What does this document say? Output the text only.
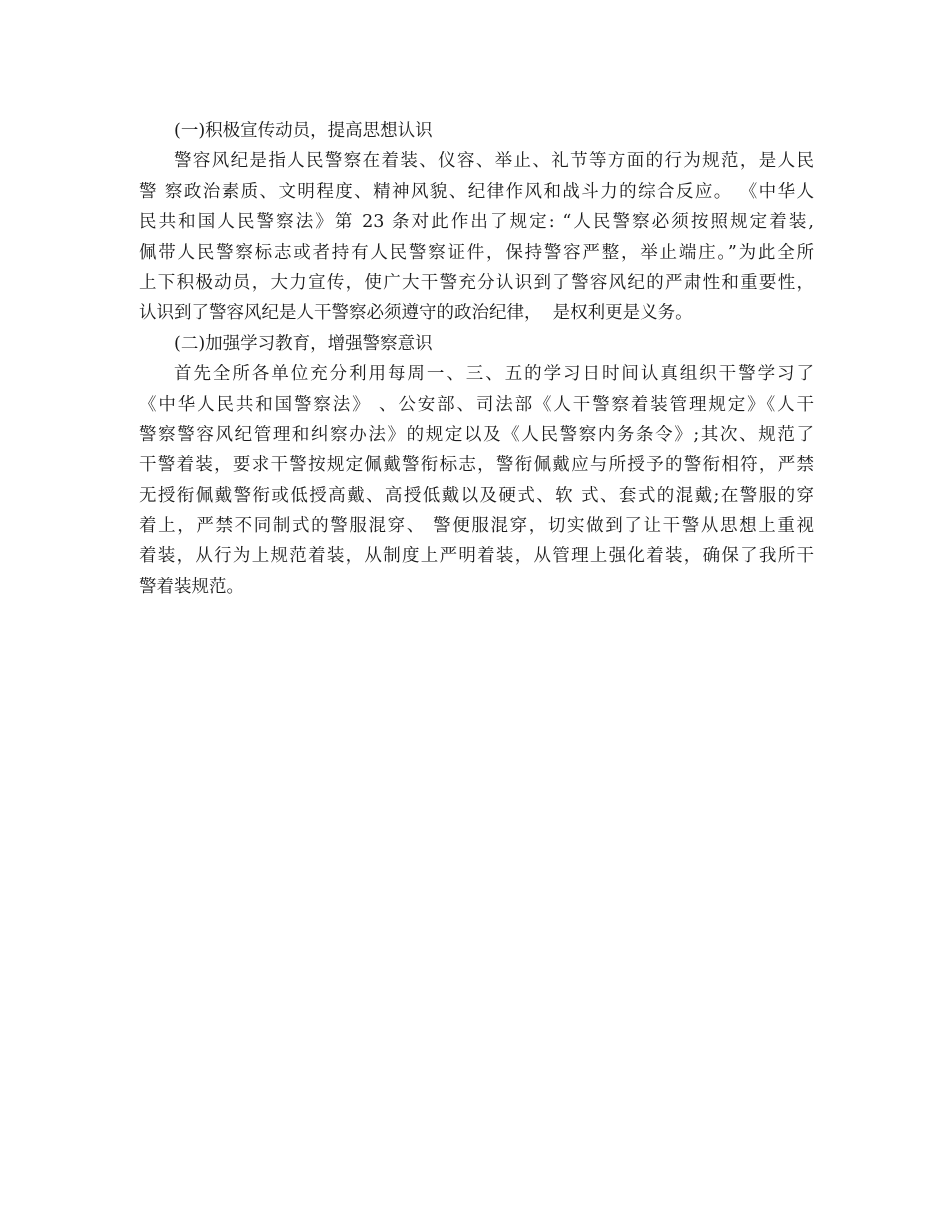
(一)积极宣传动员，提高思想认识
警容风纪是指人民警察在着装、仪容、举止、礼节等方面的行为规范，是人民
警 察政治素质、文明程度、精神风貌、纪律作风和战斗力的综合反应。 《中华人
民共和国人民警察法》第 23 条对此作出了规定: “人民警察必须按照规定着装,
佩带人民警察标志或者持有人民警察证件，保持警容严整，举止端庄。”为此全所
上下积极动员，大力宣传，使广大干警充分认识到了警容风纪的严肃性和重要性，
认识到了警容风纪是人干警察必须遵守的政治纪律，  是权利更是义务。
(二)加强学习教育，增强警察意识
首先全所各单位充分利用每周一、三、五的学习日时间认真组织干警学习了
《中华人民共和国警察法》 、公安部、司法部《人干警察着装管理规定》《人干
警察警容风纪管理和纠察办法》的规定以及《人民警察内务条令》;其次、规范了
干警着装，要求干警按规定佩戴警衔标志，警衔佩戴应与所授予的警衔相符，严禁
无授衔佩戴警衔或低授高戴、高授低戴以及硬式、软 式、套式的混戴;在警服的穿
着上，严禁不同制式的警服混穿、 警便服混穿，切实做到了让干警从思想上重视
着装，从行为上规范着装，从制度上严明着装，从管理上强化着装，确保了我所干
警着装规范。
